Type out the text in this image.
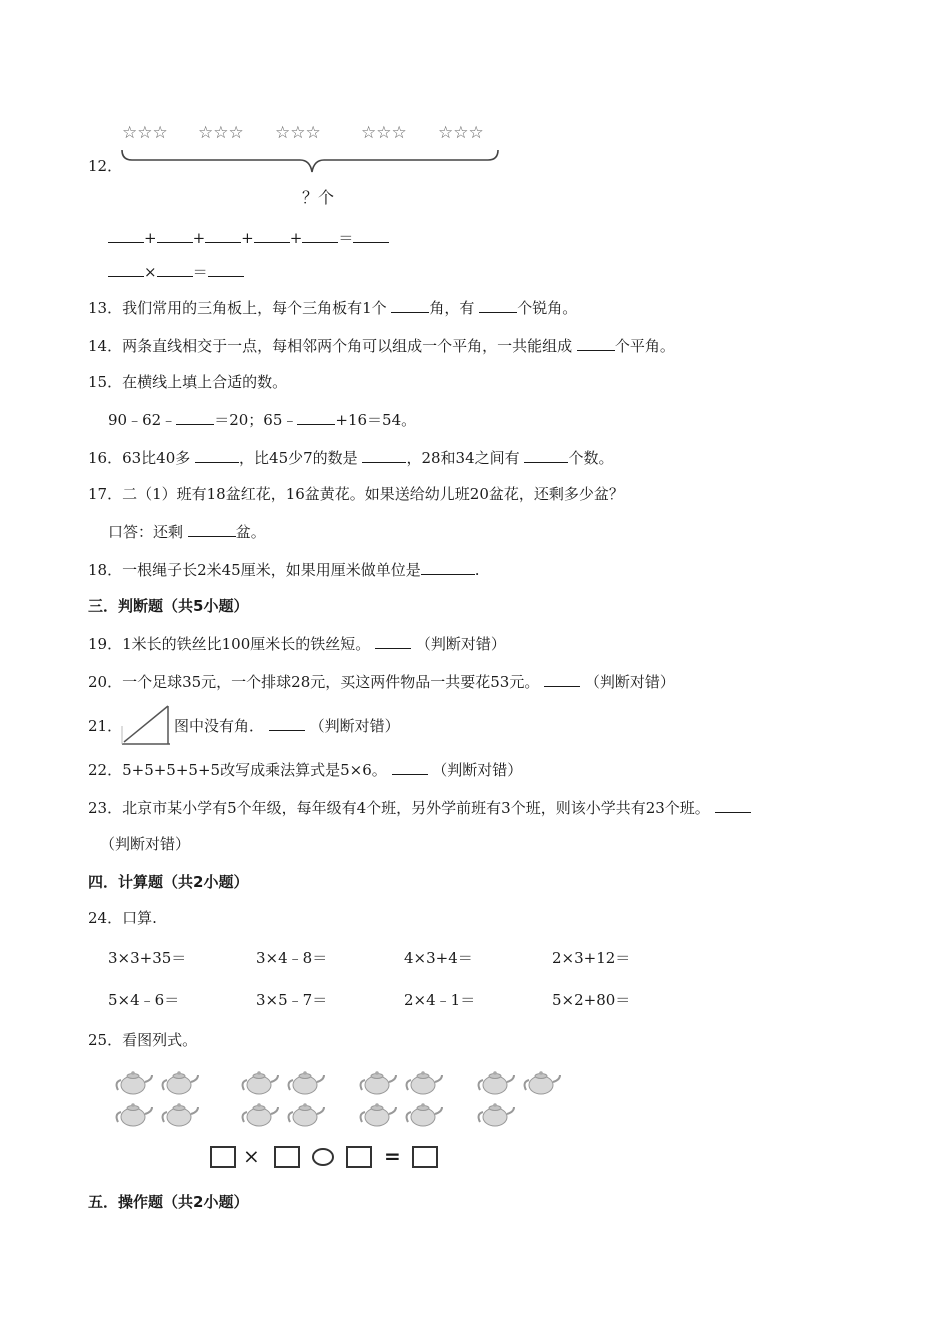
☆☆☆ ☆☆☆ ☆☆☆ ☆☆☆ ☆☆☆
？个
12．
+ + + + ＝
× ＝
13．我们常用的三角板上，每个三角板有1个	角，有	个锐角。
14．两条直线相交于一点，每相邻两个角可以组成一个平角，一共能组成	个平角。
15．在横线上填上合适的数。
90﹣62﹣	＝20；65﹣	+16＝54。
16．63比40多	，比45少7的数是	，28和34之间有	个数。
17．二（1）班有18盆红花，16盆黄花。如果送给幼儿班20盆花，还剩多少盆？
口答：还剩	盆。
18．一根绳子长2米45厘米，如果用厘米做单位是	.
三．判断题（共5小题）
19．1米长的铁丝比100厘米长的铁丝短。	（判断对错）
20．一个足球35元，一个排球28元，买这两件物品一共要花53元。	（判断对错）
21．	图中没有角．	（判断对错）
22．5+5+5+5+5改写成乘法算式是5×6。	（判断对错）
23．北京市某小学有5个年级，每年级有4个班，另外学前班有3个班，则该小学共有23个班。
（判断对错）
四．计算题（共2小题）
24．口算.
3×3+35＝	3×4﹣8＝	4×3+4＝	2×3+12＝
5×4﹣6＝	3×5﹣7＝	2×4﹣1＝	5×2+80＝
25．看图列式。
×	=
五．操作题（共2小题）
